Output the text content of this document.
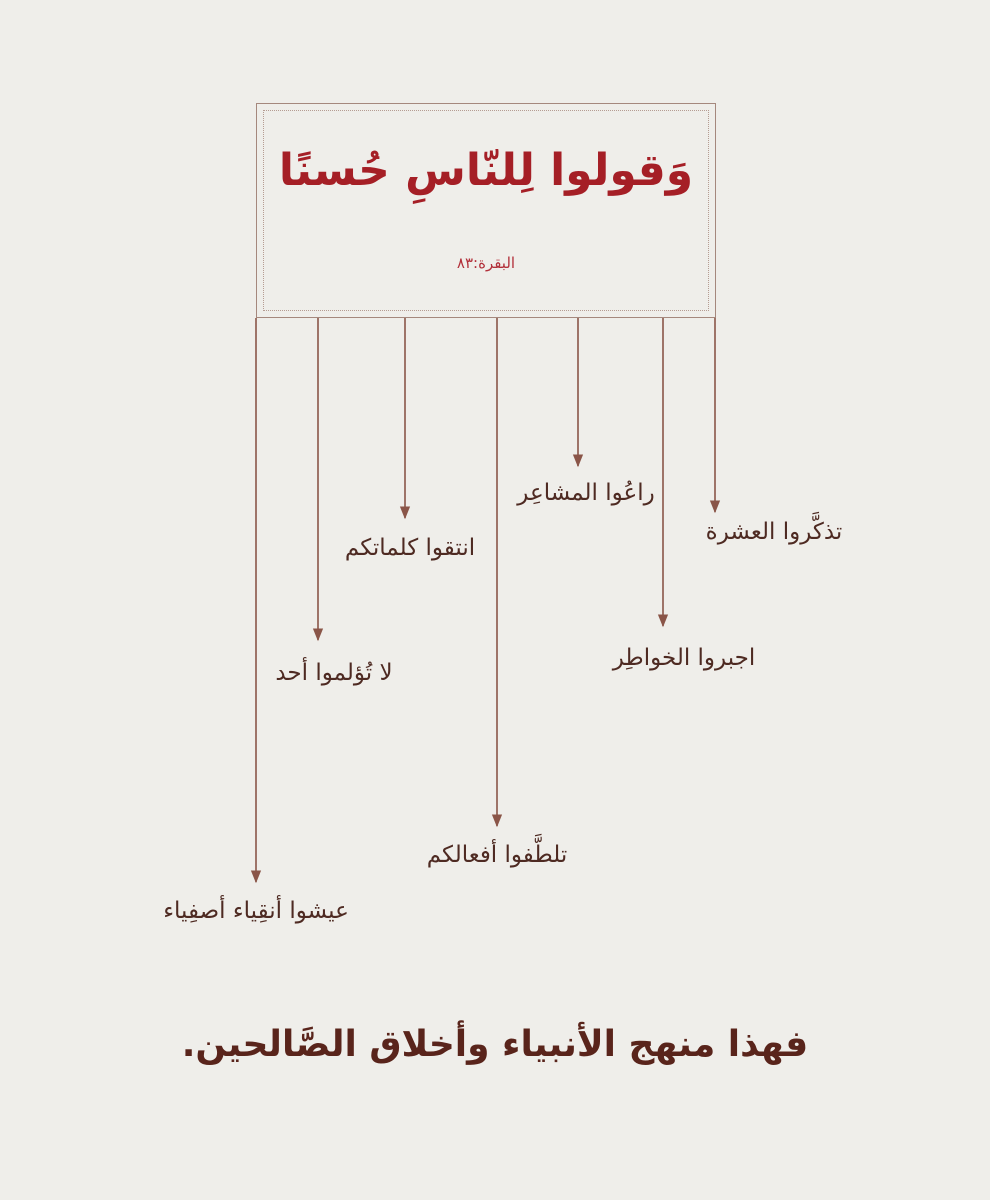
وَقولوا لِلنّاسِ حُسنًا
البقرة:٨٣
تذكَّروا العشرة
اجبروا الخواطِر
راعُوا المشاعِر
تلطَّفوا أفعالكم
انتقوا كلماتكم
لا تُؤلموا أحد
عيشوا أنقِياء أصفِياء
فهذا منهج الأنبياء وأخلاق الصَّالحين.
